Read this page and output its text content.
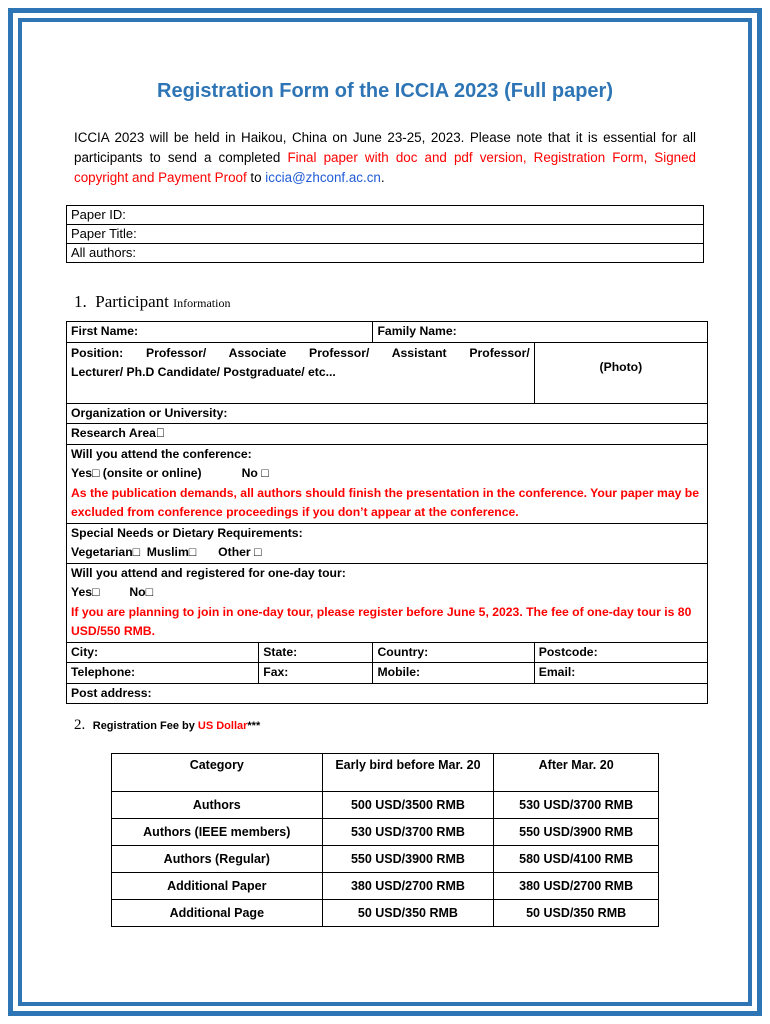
Registration Form of the ICCIA 2023 (Full paper)
ICCIA 2023 will be held in Haikou, China on June 23-25, 2023. Please note that it is essential for all participants to send a completed Final paper with doc and pdf version, Registration Form, Signed copyright and Payment Proof to iccia@zhconf.ac.cn.
Paper ID:
Paper Title:
All authors:
1. Participant Information
First Name:		Family Name:	

Position: Professor/ Associate Professor/ Assistant Professor/
Lecturer/ Ph.D Candidate/ Postgraduate/ etc...			(Photo)
Organization or University:			
Research Area			

Will you attend the conference:
Yes□ (onsite or online) No □
As the publication demands, all authors should finish the presentation in the conference. Your paper may be excluded from conference proceedings if you don’t appear at the conference.			

Special Needs or Dietary Requirements:
Vegetarian□ Muslim□ Other □			

Will you attend and registered for one-day tour:
Yes□ No□
If you are planning to join in one-day tour, please register before June 5, 2023. The fee of one-day tour is 80 USD/550 RMB.			

City:	State:	Country:	Postcode:
Telephone:	Fax:	Mobile:	Email:
Post address:			
2. Registration Fee by US Dollar***
Category	Early bird before Mar. 20	After Mar. 20
Authors	500 USD/3500 RMB	530 USD/3700 RMB
Authors (IEEE members)	530 USD/3700 RMB	550 USD/3900 RMB
Authors (Regular)	550 USD/3900 RMB	580 USD/4100 RMB
Additional Paper	380 USD/2700 RMB	380 USD/2700 RMB
Additional Page	50 USD/350 RMB	50 USD/350 RMB
